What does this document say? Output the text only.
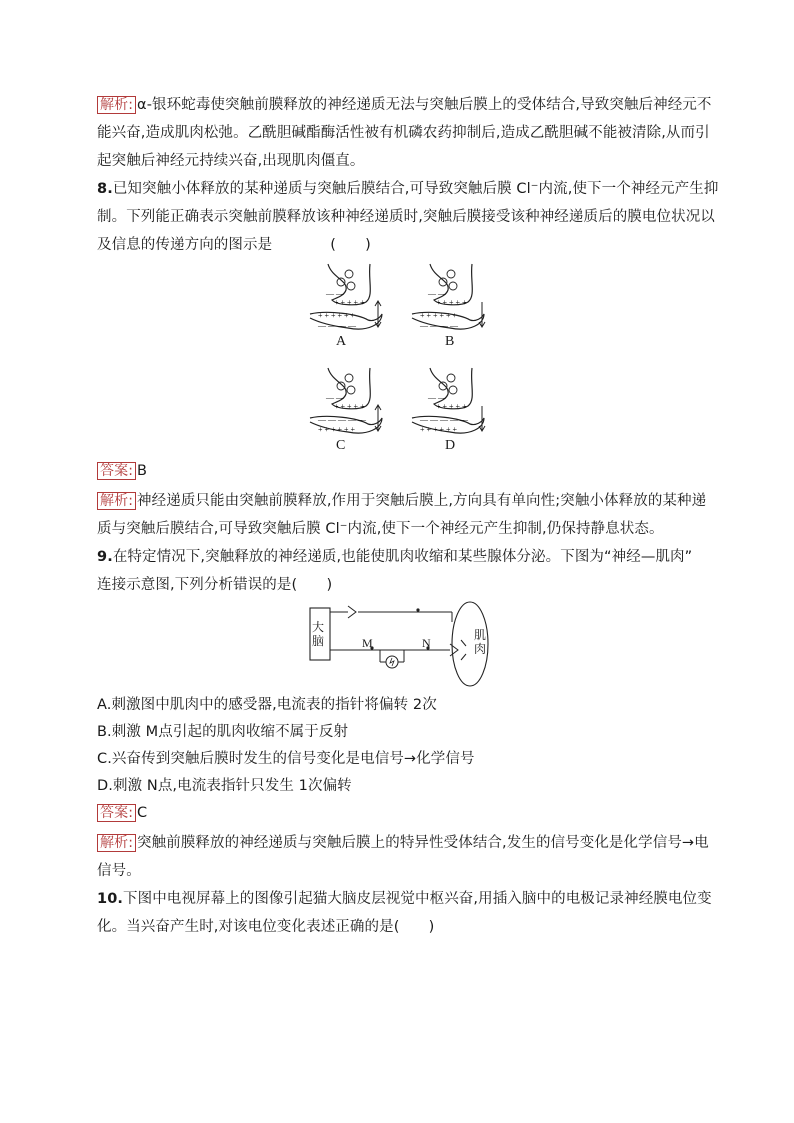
解析: α-银环蛇毒使突触前膜释放的神经递质无法与突触后膜上的受体结合,导致突触后神经元不
能兴奋,造成肌肉松弛。乙酰胆碱酯酶活性被有机磷农药抑制后,造成乙酰胆碱不能被清除,从而引
起突触后神经元持续兴奋,出现肌肉僵直。
8.已知突触小体释放的某种递质与突触后膜结合,可导致突触后膜 Cl⁻内流,使下一个神经元产生抑
制。下列能正确表示突触前膜释放该种神经递质时,突触后膜接受该种神经递质后的膜电位状况以
及信息的传递方向的图示是	(　　)
— —
+ + + + +
+ + + + + +
— — — —
— —
+ + + + +
+ + + + + +
— — — —
— —
+ + + + +
— — — — —
+ + + + + +
— —
+ + + + +
— — — — —
+ + + + + +
A	B
C	D
答案: B
解析: 神经递质只能由突触前膜释放,作用于突触后膜上,方向具有单向性;突触小体释放的某种递
质与突触后膜结合,可导致突触后膜 Cl⁻内流,使下一个神经元产生抑制,仍保持静息状态。
9.在特定情况下,突触释放的神经递质,也能使肌肉收缩和某些腺体分泌。下图为“神经—肌肉”
连接示意图,下列分析错误的是(　　)
大脑	肌肉
M	N
A.刺激图中肌肉中的感受器,电流表的指针将偏转 2次
B.刺激 M点引起的肌肉收缩不属于反射
C.兴奋传到突触后膜时发生的信号变化是电信号→化学信号
D.刺激 N点,电流表指针只发生 1次偏转
答案: C
解析: 突触前膜释放的神经递质与突触后膜上的特异性受体结合,发生的信号变化是化学信号→电
信号。
10.下图中电视屏幕上的图像引起猫大脑皮层视觉中枢兴奋,用插入脑中的电极记录神经膜电位变
化。当兴奋产生时,对该电位变化表述正确的是(　　)
